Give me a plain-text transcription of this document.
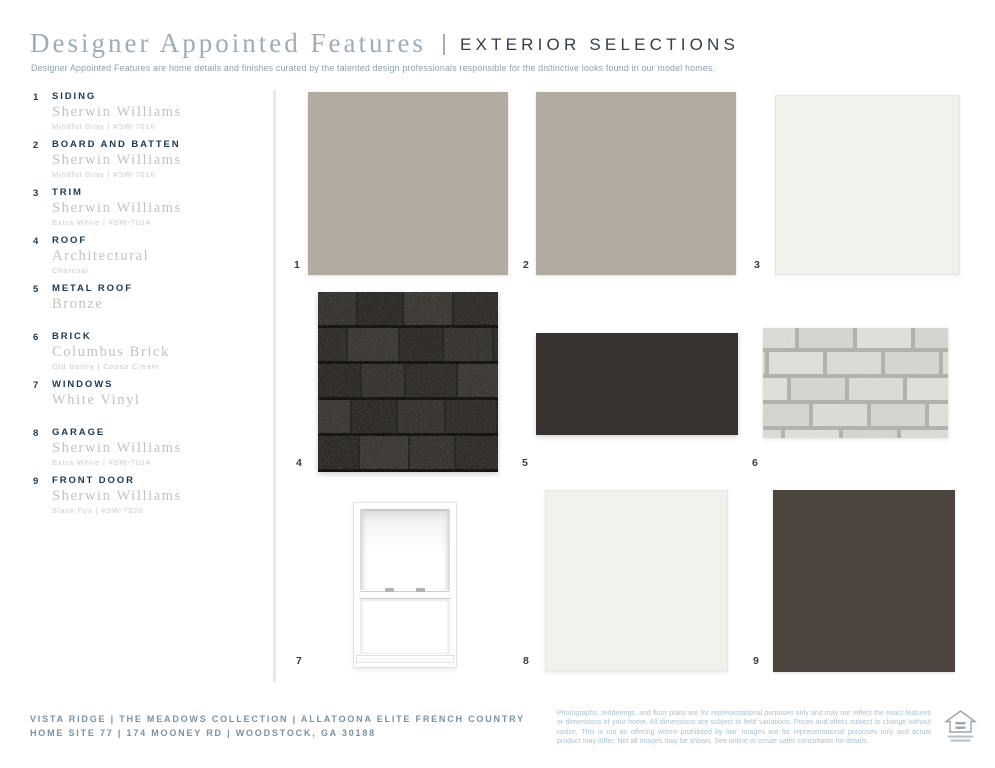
Designer Appointed Features EXTERIOR SELECTIONS
Designer Appointed Features are home details and finishes curated by the talented design professionals responsible for the distinctive looks found in our model homes.
1 SIDING
Sherwin Williams
Mindful Gray | #SW-7016
2 BOARD AND BATTEN
Sherwin Williams
Mindful Gray | #SW-7016
3 TRIM
Sherwin Williams
Extra White | #SW-7014
4 ROOF
Architectural
Charcoal
5 METAL ROOF
Bronze
6 BRICK
Columbus Brick
Old Bailey | Coosa Cream
7 WINDOWS
White Vinyl
8 GARAGE
Sherwin Williams
Extra White | #SW-7014
9 FRONT DOOR
Sherwin Williams
Black Fox | #SW-7020
1	2	3
4	5	6
7	8	9
VISTA RIDGE | THE MEADOWS COLLECTION | ALLATOONA ELITE FRENCH COUNTRY
HOME SITE 77 | 174 MOONEY RD | WOODSTOCK, GA 30188
Photographs, renderings, and floor plans are for representational purposes only and may not reflect the exact features or dimensions of your home. All dimensions are subject to field variations. Prices and offers subject to change without notice. This is not an offering where prohibited by law. Images are for representational purposes only and actual product may differ. Not all images may be shown. See online or onsite sales consultants for details.
